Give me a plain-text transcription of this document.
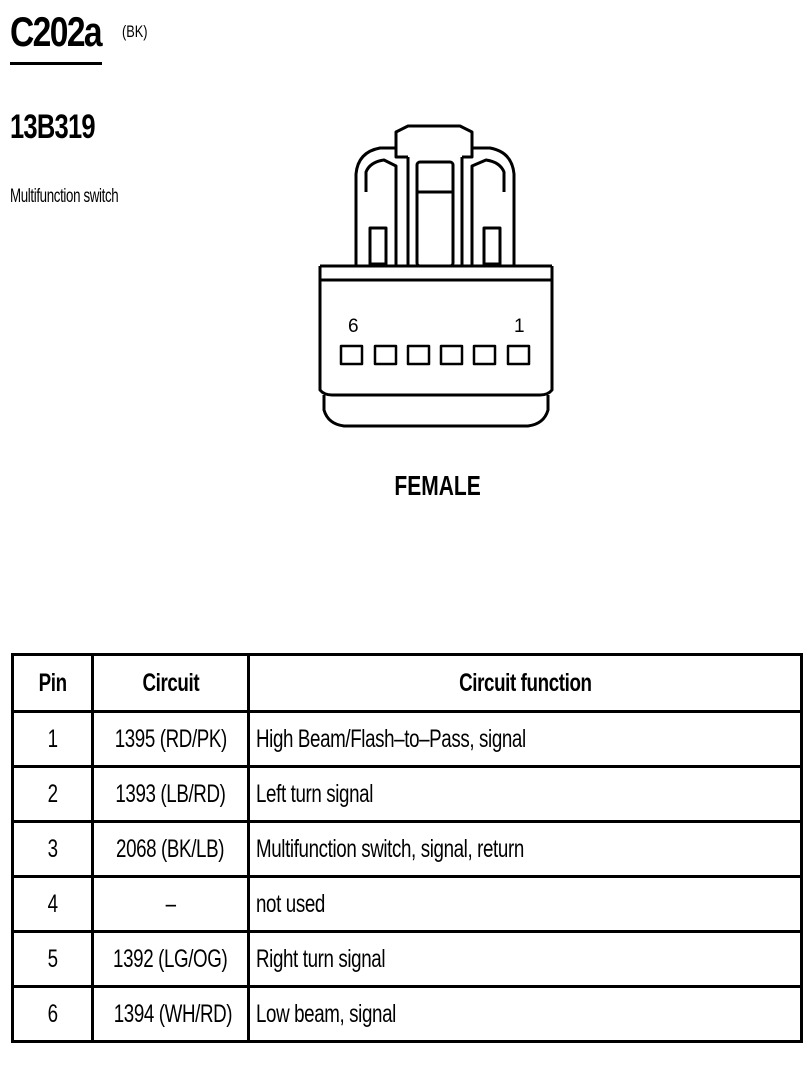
C202a (BK)
13B319
Multifunction switch
6	1
FEMALE
Pin	Circuit	Circuit function
1	1395 (RD/PK)	High Beam/Flash–to–Pass, signal
2	1393 (LB/RD)	Left turn signal
3	2068 (BK/LB)	Multifunction switch, signal, return
4	–	not used
5	1392 (LG/OG)	Right turn signal
6	1394 (WH/RD)	Low beam, signal
